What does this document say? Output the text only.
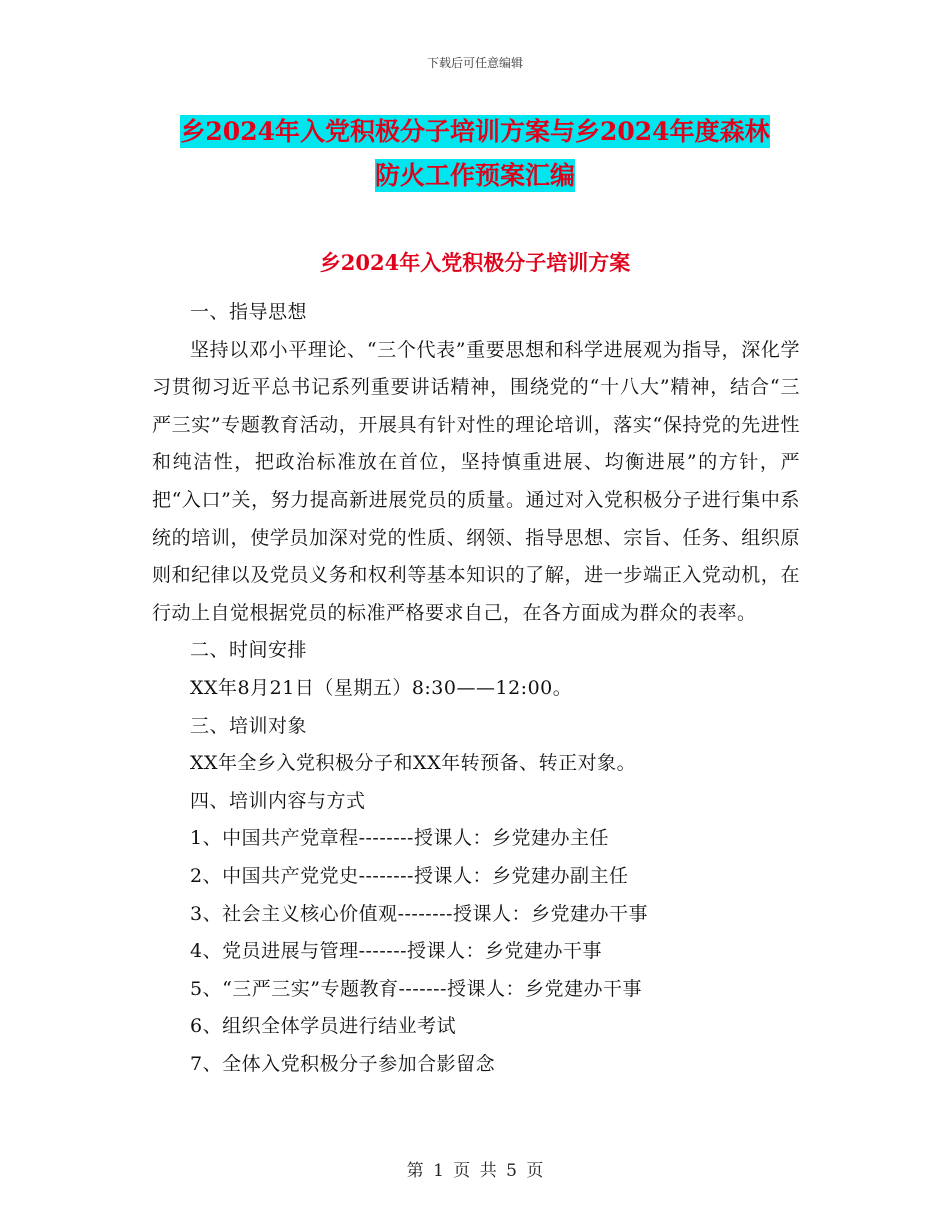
下载后可任意编辑
乡2024年入党积极分子培训方案与乡2024年度森林
防火工作预案汇编
乡2024年入党积极分子培训方案

一、指导思想

坚持以邓小平理论、“三个代表”重要思想和科学进展观为指导，深化学习贯彻习近平总书记系列重要讲话精神，围绕党的“十八大”精神，结合“三严三实”专题教育活动，开展具有针对性的理论培训，落实“保持党的先进性和纯洁性，把政治标准放在首位，坚持慎重进展、均衡进展”的方针，严把“入口”关，努力提高新进展党员的质量。通过对入党积极分子进行集中系统的培训，使学员加深对党的性质、纲领、指导思想、宗旨、任务、组织原则和纪律以及党员义务和权利等基本知识的了解，进一步端正入党动机，在行动上自觉根据党员的标准严格要求自己，在各方面成为群众的表率。

二、时间安排

XX年8月21日（星期五）8:30——12:00。

三、培训对象

XX年全乡入党积极分子和XX年转预备、转正对象。

四、培训内容与方式

1、中国共产党章程--------授课人：乡党建办主任

2、中国共产党党史--------授课人：乡党建办副主任

3、社会主义核心价值观--------授课人：乡党建办干事

4、党员进展与管理-------授课人：乡党建办干事

5、“三严三实”专题教育-------授课人：乡党建办干事

6、组织全体学员进行结业考试

7、全体入党积极分子参加合影留念

第 1 页 共 5 页
